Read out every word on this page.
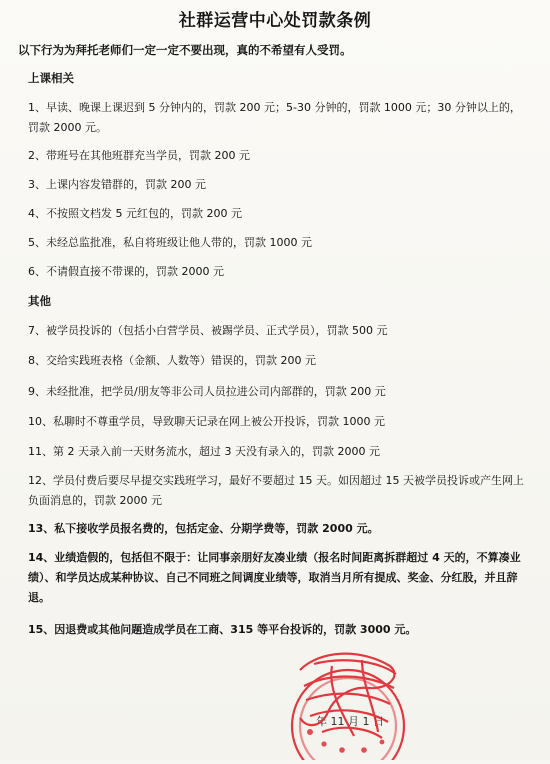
社群运营中心处罚款条例
以下行为为拜托老师们一定一定不要出现，真的不希望有人受罚。
上课相关
1、早读、晚课上课迟到 5 分钟内的，罚款 200 元；5-30 分钟的，罚款 1000 元；30 分钟以上的，罚款 2000 元。
2、带班号在其他班群充当学员，罚款 200 元
3、上课内容发错群的，罚款 200 元
4、不按照文档发 5 元红包的，罚款 200 元
5、未经总监批准，私自将班级让他人带的，罚款 1000 元
6、不请假直接不带课的，罚款 2000 元
其他
7、被学员投诉的（包括小白营学员、被踢学员、正式学员），罚款 500 元
8、交给实践班表格（金额、人数等）错误的，罚款 200 元
9、未经批准，把学员/朋友等非公司人员拉进公司内部群的，罚款 200 元
10、私聊时不尊重学员，导致聊天记录在网上被公开投诉，罚款 1000 元
11、第 2 天录入前一天财务流水，超过 3 天没有录入的，罚款 2000 元
12、学员付费后要尽早提交实践班学习，最好不要超过 15 天。如因超过 15 天被学员投诉或产生网上负面消息的，罚款 2000 元
13、私下接收学员报名费的，包括定金、分期学费等，罚款 2000 元。
14、业绩造假的，包括但不限于：让同事亲朋好友凑业绩（报名时间距离拆群超过 4 天的，不算凑业绩）、和学员达成某种协议、自己不同班之间调度业绩等，取消当月所有提成、奖金、分红股，并且辞退。
15、因退费或其他问题造成学员在工商、315 等平台投诉的，罚款 3000 元。
年 11 月 1 日
